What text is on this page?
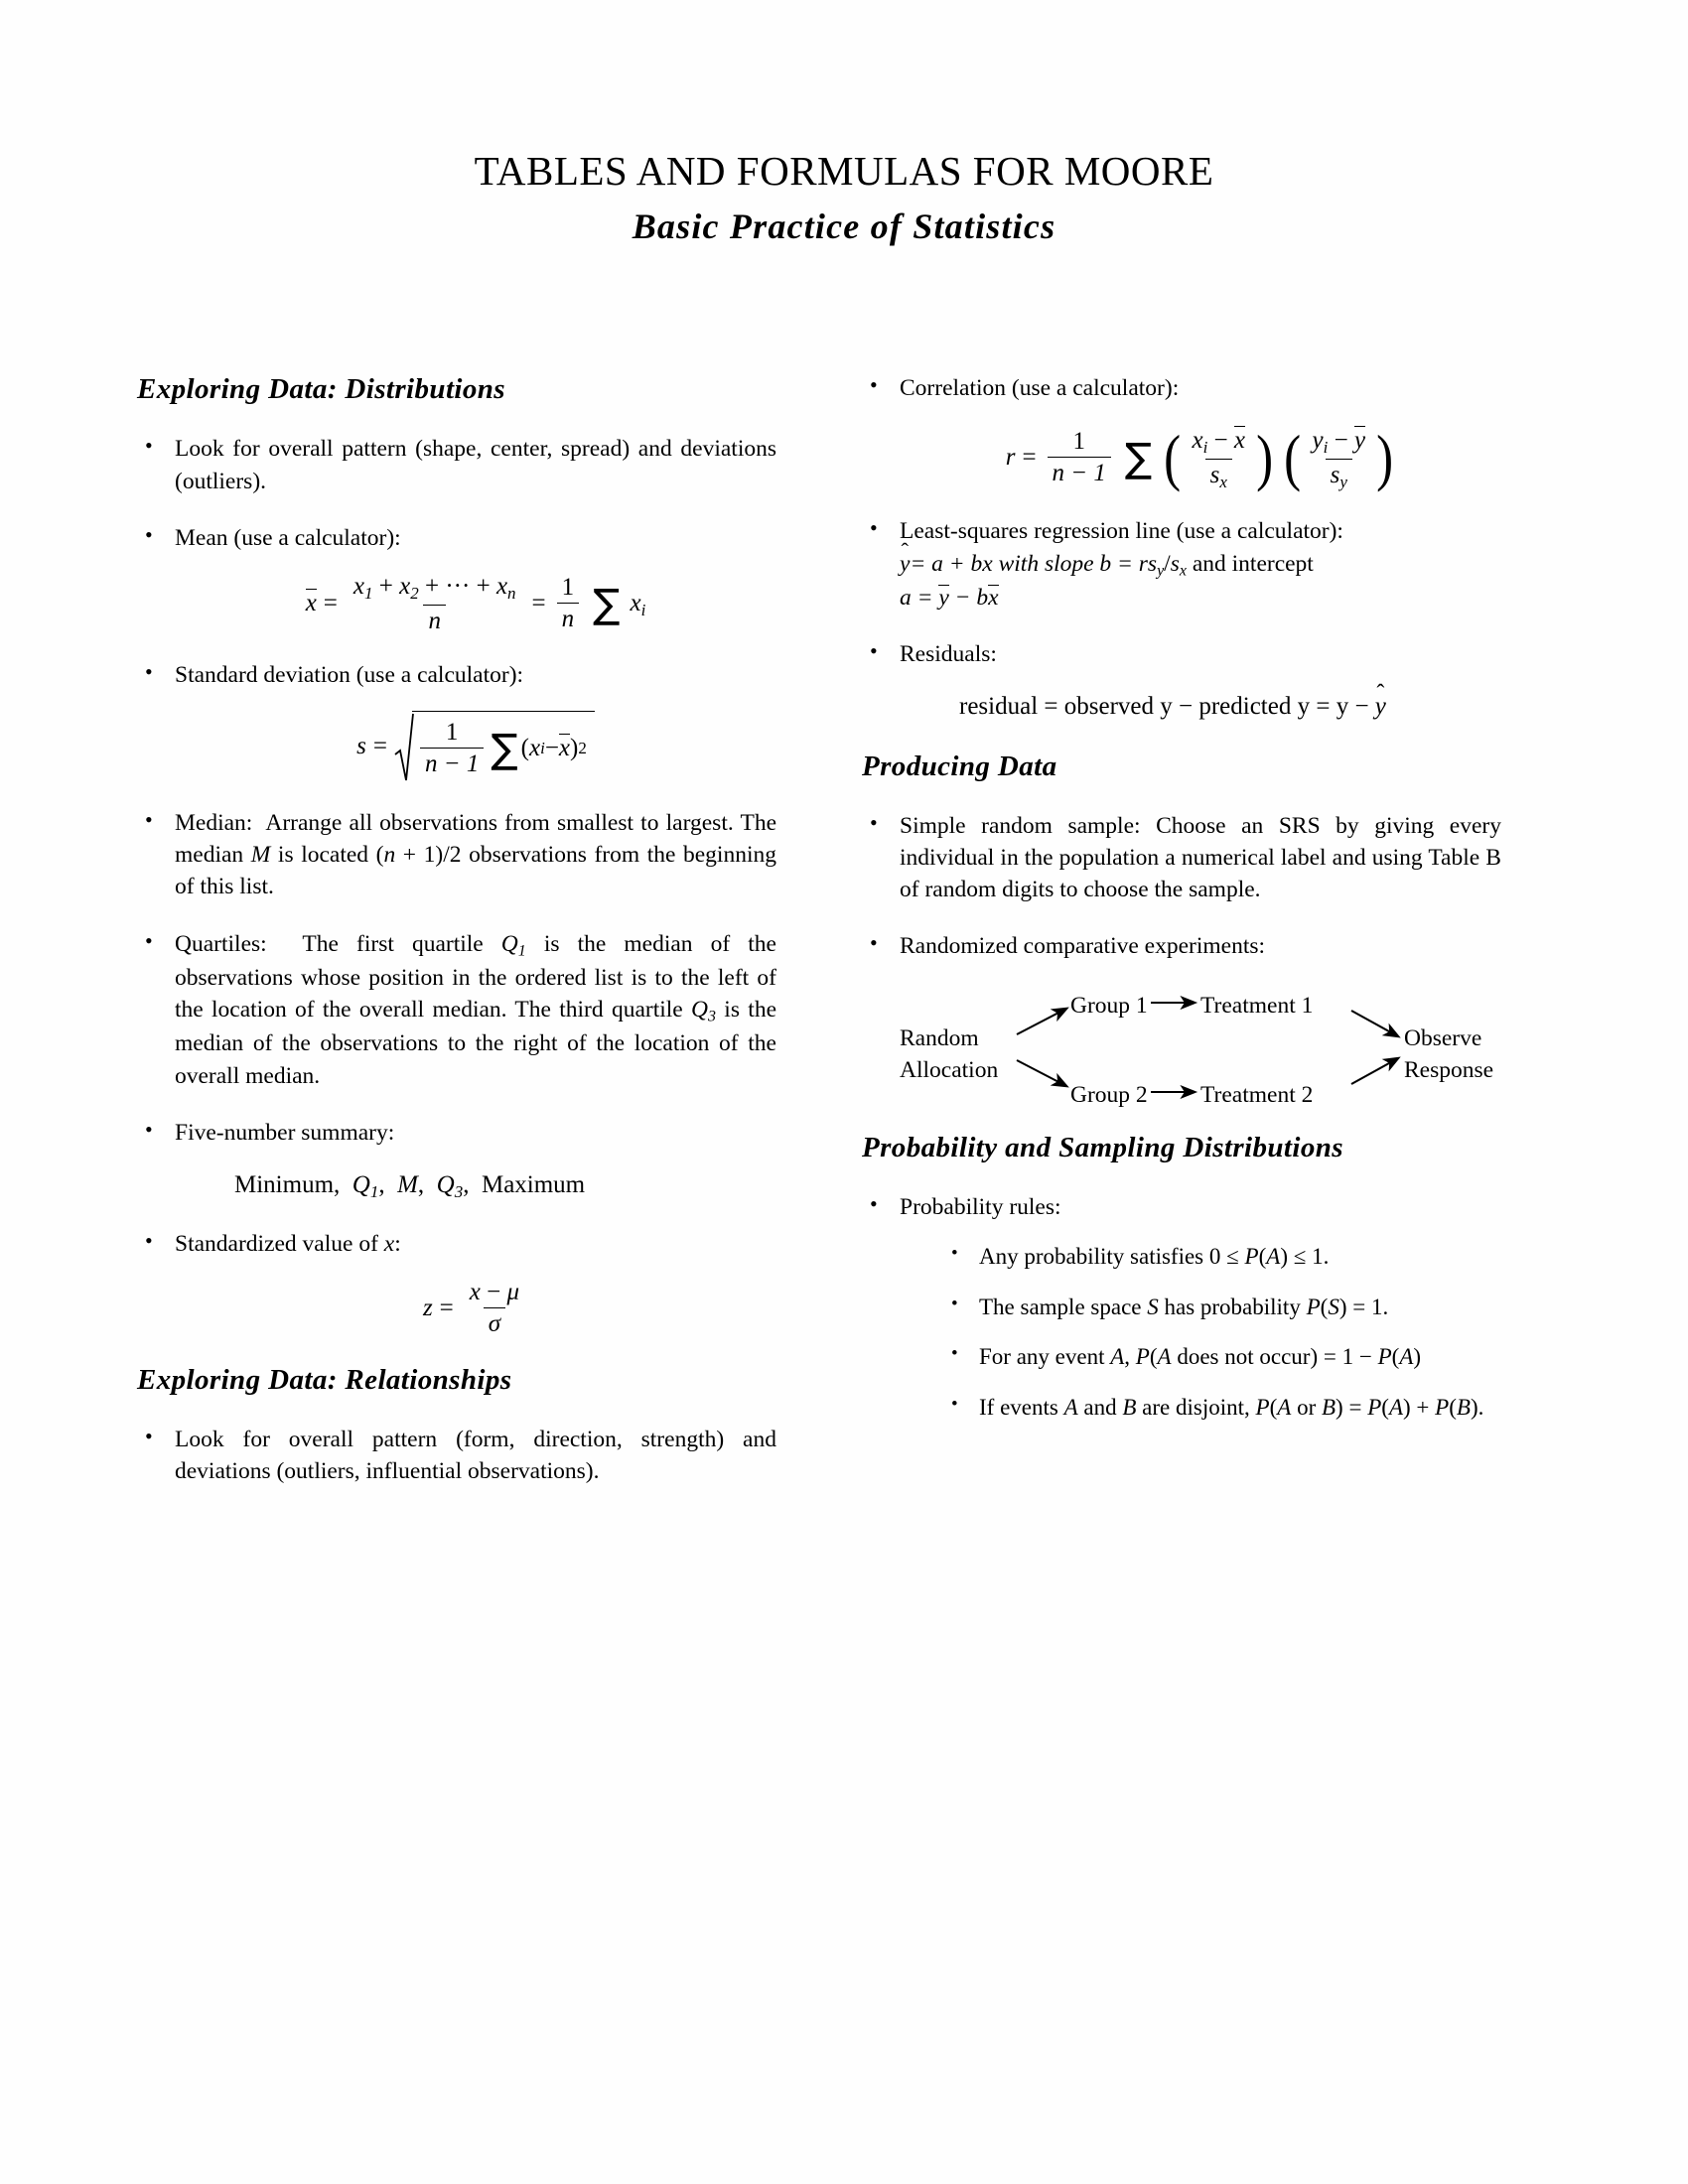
TABLES AND FORMULAS FOR MOORE
Basic Practice of Statistics
Exploring Data: Distributions
• Look for overall pattern (shape, center, spread) and deviations (outliers).
• Mean (use a calculator):
x =
$x_1 + x_2$ + ··· + $x_n$
n
= $\frac{1}{n}$ ∑ $x_i$
• Standard deviation (use a calculator):
$s = \frac{1}{n - 1}$ ∑ ( x i − x ) 2
• Median:  Arrange all observations from smallest to largest. The median M is located (n + 1)/2 observations from the beginning of this list.
• Quartiles:  The first quartile $Q_1$ is the median of the observations whose position in the ordered list is to the left of the location of the overall median. The third quartile $Q_3$ is the median of the observations to the right of the location of the overall median.
• Five-number summary:
Minimum, $Q_1$, M, $Q_3$, Maximum
• Standardized value of x:
$z = \frac{x - \mu}{\sigma}$
Exploring Data: Relationships
• Look for overall pattern (form, direction, strength) and deviations (outliers, influential observations).
• Correlation (use a calculator):
$r = \frac{1}{n - 1}$ ∑ ( $\frac{x_i - x}{s_x}$ ) ( $\frac{y_i - y}{s_y}$ )
• Least-squares regression line (use a calculator):

y= a + bx with slope $b = rs_y/s_x$ and intercept
a = y − bx
• Residuals:
residual = observed y − predicted y = y −
y
Producing Data
• Simple random sample: Choose an SRS by giving every individual in the population a numerical label and using Table B of random digits to choose the sample.
• Randomized comparative experiments:
Random
Allocation
Group 1
Group 2
Treatment 1
Treatment 2
Observe
Response
Probability and Sampling Distributions
• Probability rules:
• Any probability satisfies 0 ≤ P(A) ≤ 1.
• The sample space S has probability P(S) = 1.
• For any event A, P(A does not occur) = 1 − P(A)
• If events A and B are disjoint, P(A or B) = P(A) + P(B).
